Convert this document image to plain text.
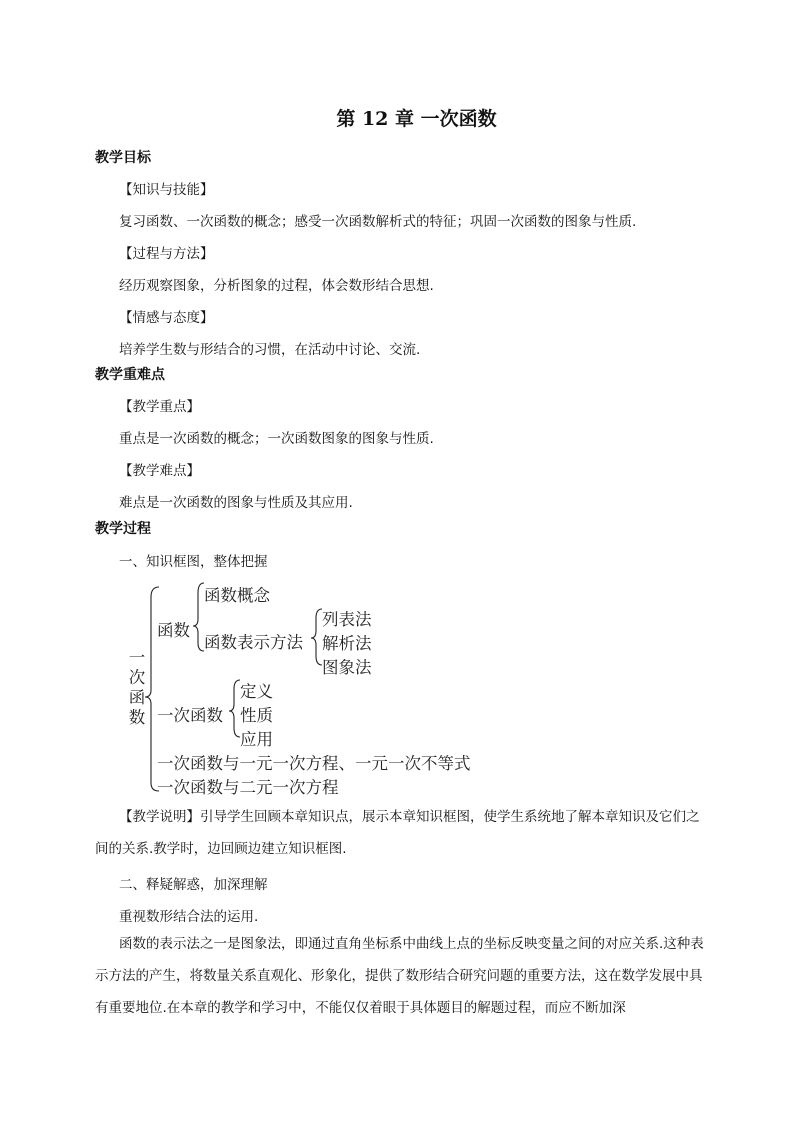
第 12 章 一次函数
教学目标
【知识与技能】
复习函数、一次函数的概念；感受一次函数解析式的特征；巩固一次函数的图象与性质.
【过程与方法】
经历观察图象，分析图象的过程，体会数形结合思想.
【情感与态度】
培养学生数与形结合的习惯，在活动中讨论、交流.
教学重难点
【教学重点】
重点是一次函数的概念；一次函数图象的图象与性质.
【教学难点】
难点是一次函数的图象与性质及其应用.
教学过程
一、知识框图，整体把握
一次函数
函数
函数概念
函数表示方法
列表法
解析法
图象法
一次函数
定义
性质
应用
一次函数与一元一次方程、一元一次不等式
一次函数与二元一次方程
【教学说明】引导学生回顾本章知识点，展示本章知识框图，使学生系统地了解本章知识及它们之间的关系.教学时，边回顾边建立知识框图.
二、释疑解惑，加深理解
重视数形结合法的运用.
函数的表示法之一是图象法，即通过直角坐标系中曲线上点的坐标反映变量之间的对应关系.这种表示方法的产生，将数量关系直观化、形象化，提供了数形结合研究问题的重要方法，这在数学发展中具有重要地位.在本章的教学和学习中，不能仅仅着眼于具体题目的解题过程，而应不断加深
